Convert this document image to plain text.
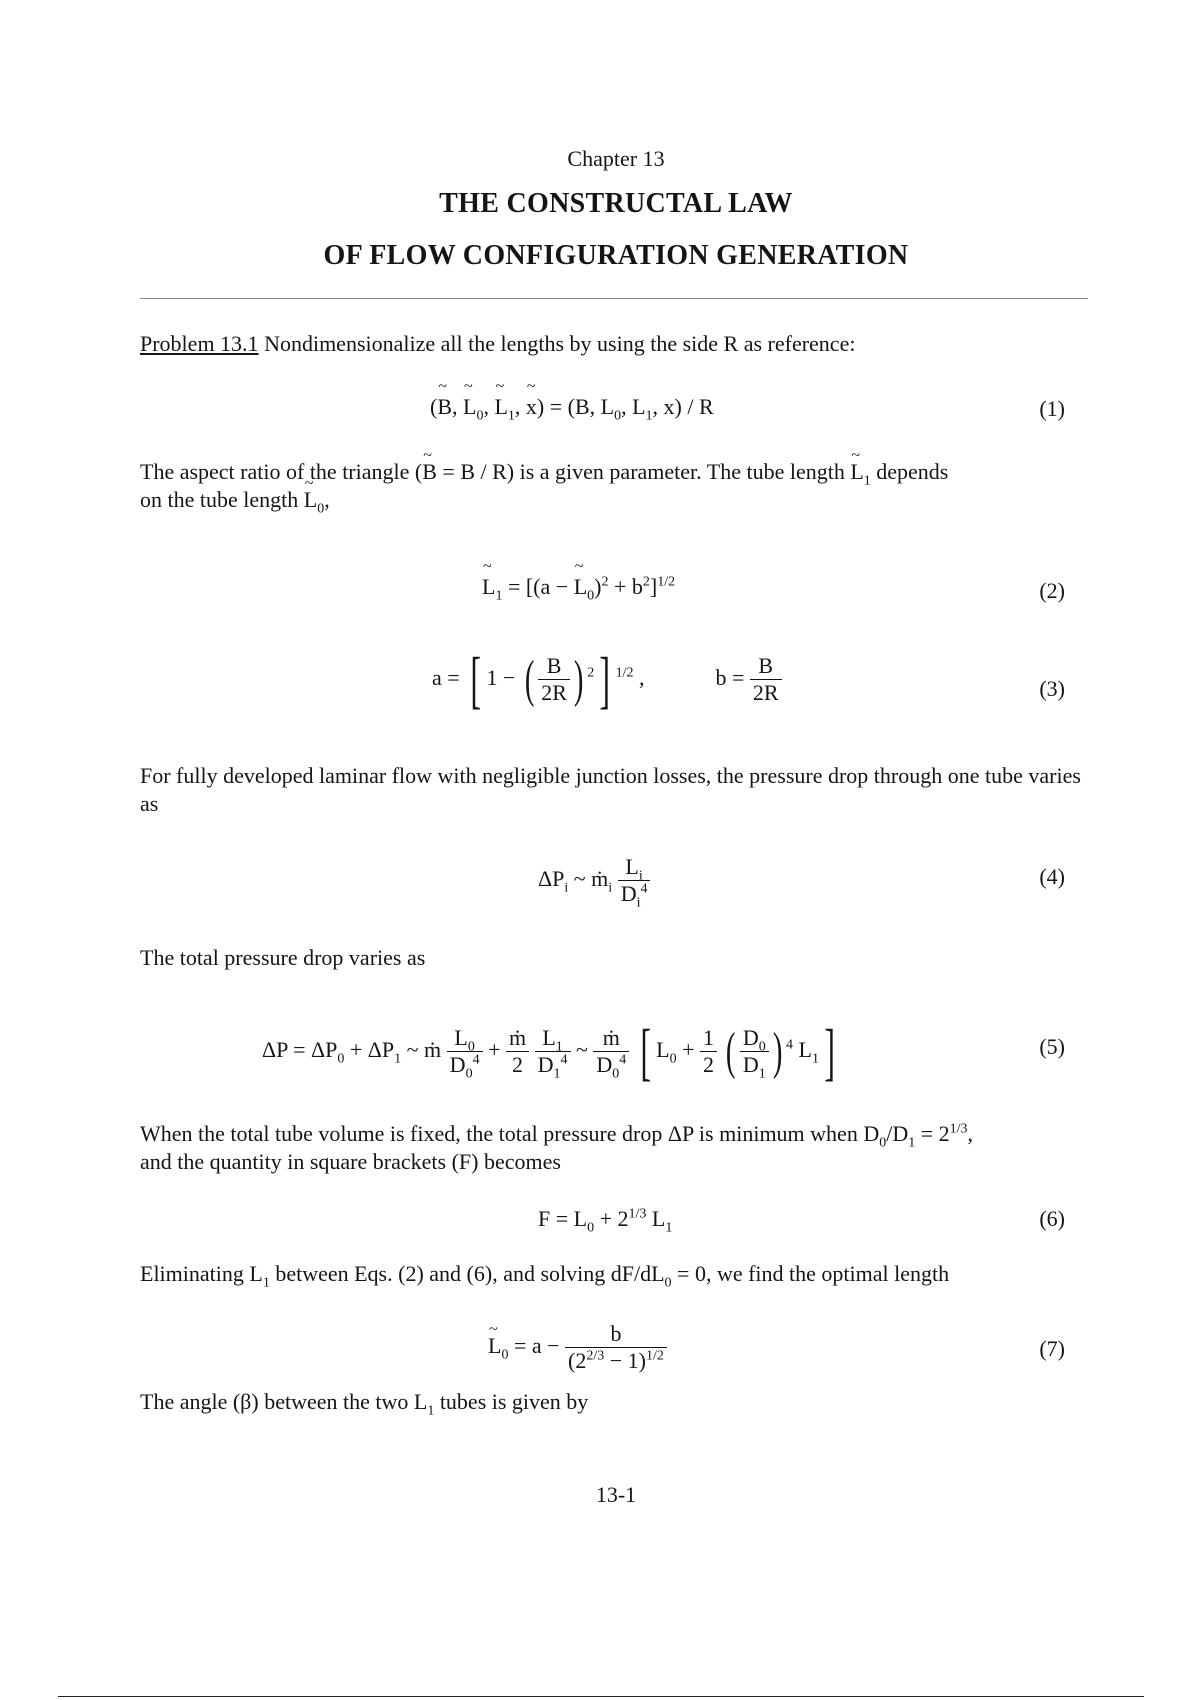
Chapter 13
THE CONSTRUCTAL LAW
OF FLOW CONFIGURATION GENERATION
Problem 13.1 Nondimensionalize all the lengths by using the side R as reference:
(~ B, ~ $L_0$, ~ $L_1$, ~ x) = (B, $L_0$, $L_1$, x) / R	(1)
The aspect ratio of the triangle (~ B = B / R) is a given parameter. The tube length ~ $L_1$ depends
on the tube length ~ $L_0$,
~ $L_1 = [(a$ − ~ $L_0)^2 + b^2]^{1/2}$	(2)
a = [ 1 − ( $\frac{B}{2R}$ ) $^2$] $^{1/2}$ ,	$b = \frac{B}{2R}$	(3)
For fully developed laminar flow with negligible junction losses, the pressure drop through one tube varies as
$\Delta P_i$ ~ ṁ$_i$ $\frac{L_i}{D_i^4}$	(4)
The total pressure drop varies as
$\Delta P = \Delta P_0 + \Delta P_1$ ~ ṁ $\frac{L_0}{D_0^4} + \frac{\text{ṁ}}{2}$
$\frac{L_1}{D_1^4}$ ~ $\frac{\text{ṁ}}{D_0^4}$ [ $L_0 + \frac{1}{2}$ ( $\frac{D_0}{D_1}$ ) $^4$ $L_1$]	(5)
When the total tube volume is fixed, the total pressure drop ΔP is minimum when $D_0/D_1 = 2^{1/3}$,
and the quantity in square brackets (F) becomes
$F = L_0 + 2^{1/3}$ $L_1$	(6)
Eliminating $L_1$ between Eqs. (2) and (6), and solving $dF/dL_0 = 0$, we find the optimal length
~ $L_0 = a - \frac{b}{(2^{2/3} - 1)^{1/2}}$	(7)
The angle (β) between the two $L_1$ tubes is given by
13-1
